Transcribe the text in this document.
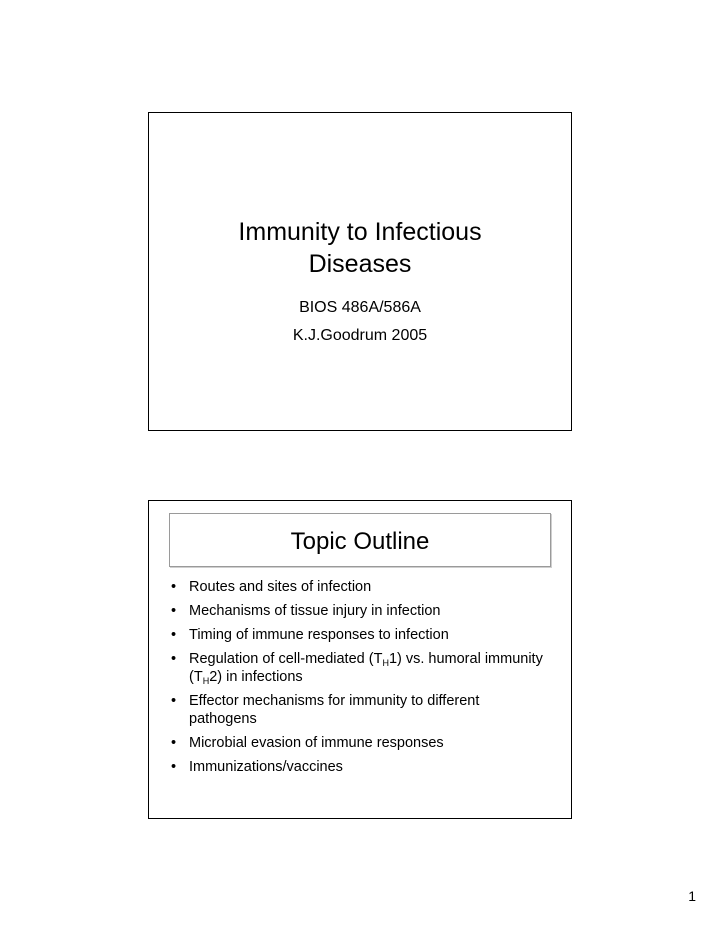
Immunity to Infectious
Diseases
BIOS 486A/586A
K.J.Goodrum 2005
Topic Outline
• Routes and sites of infection
• Mechanisms of tissue injury in infection
• Timing of immune responses to infection
• Regulation of cell-mediated $(T_H1)$ vs. humoral immunity $(T_H2)$ in infections
• Effector mechanisms for immunity to different pathogens
• Microbial evasion of immune responses
• Immunizations/vaccines
1
